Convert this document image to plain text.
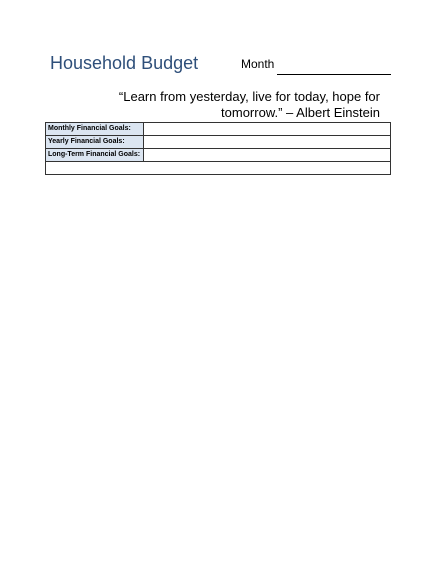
Household Budget	Month
“Learn from yesterday, live for today, hope for tomorrow.” – Albert Einstein
Monthly Financial Goals:	
Yearly Financial Goals:	
Long-Term Financial Goals:	
